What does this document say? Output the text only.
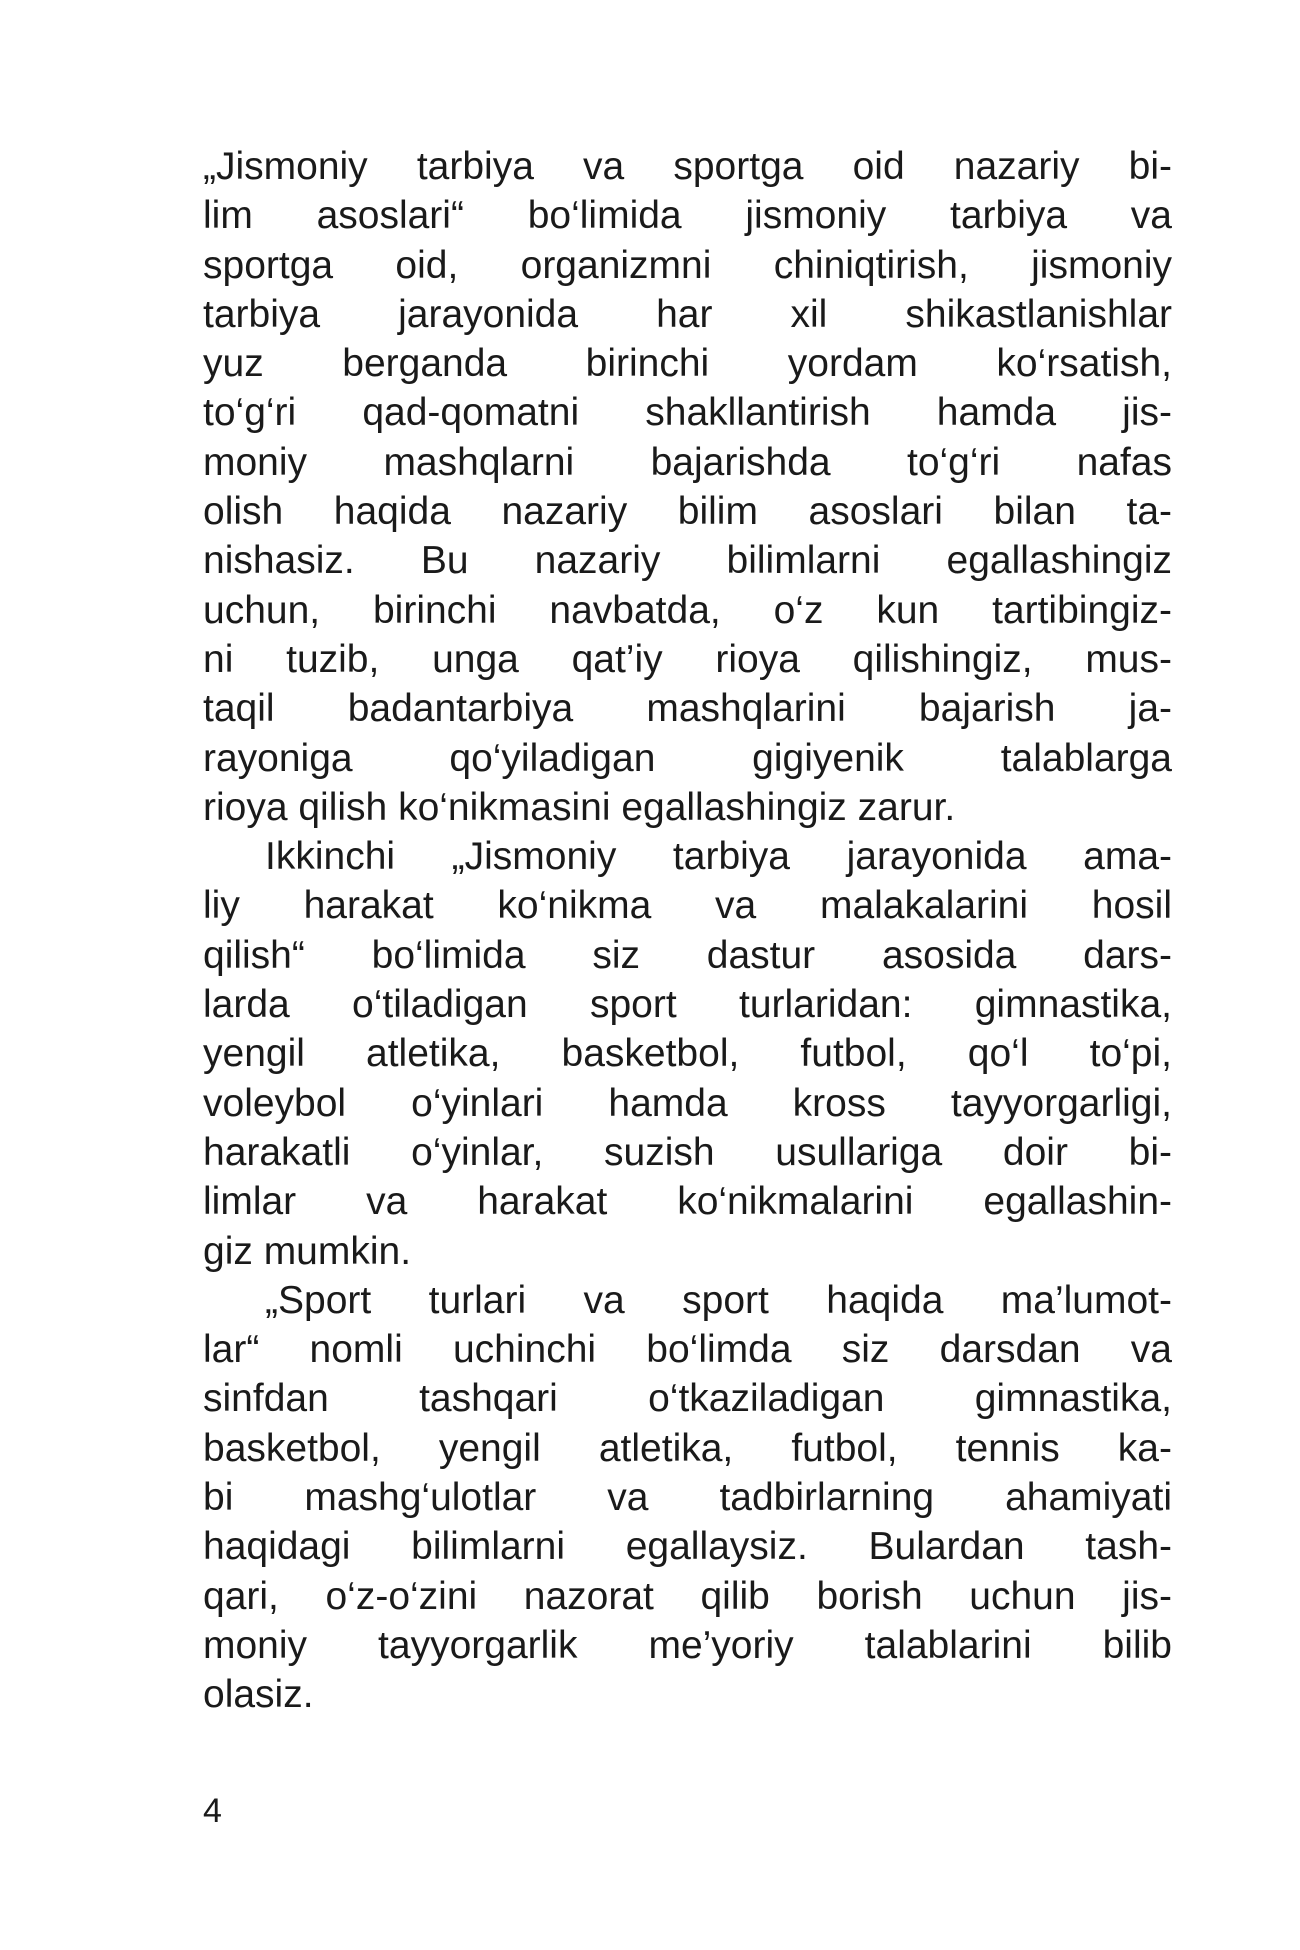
„Jismoniy tarbiya va sportga oid nazariy bi-
lim asoslari“ bo‘limida jismoniy tarbiya va
sportga oid, organizmni chiniqtirish, jismoniy
tarbiya jarayonida har xil shikastlanishlar
yuz berganda birinchi yordam ko‘rsatish,
to‘g‘ri qad-qomatni shakllantirish hamda jis-
moniy mashqlarni bajarishda to‘g‘ri nafas
olish haqida nazariy bilim asoslari bilan ta-
nishasiz. Bu nazariy bilimlarni egallashingiz
uchun, birinchi navbatda, o‘z kun tartibingiz-
ni tuzib, unga qat’iy rioya qilishingiz, mus-
taqil badantarbiya mashqlarini bajarish ja-
rayoniga qo‘yiladigan gigiyenik talablarga
rioya qilish ko‘nikmasini egallashingiz zarur.
Ikkinchi „Jismoniy tarbiya jarayonida ama-
liy harakat ko‘nikma va malakalarini hosil
qilish“ bo‘limida siz dastur asosida dars-
larda o‘tiladigan sport turlaridan: gimnastika,
yengil atletika, basketbol, futbol, qo‘l to‘pi,
voleybol o‘yinlari hamda kross tayyorgarligi,
harakatli o‘yinlar, suzish usullariga doir bi-
limlar va harakat ko‘nikmalarini egallashin-
giz mumkin.
„Sport turlari va sport haqida ma’lumot-
lar“ nomli uchinchi bo‘limda siz darsdan va
sinfdan tashqari o‘tkaziladigan gimnastika,
basketbol, yengil atletika, futbol, tennis ka-
bi mashg‘ulotlar va tadbirlarning ahamiyati
haqidagi bilimlarni egallaysiz. Bulardan tash-
qari, o‘z-o‘zini nazorat qilib borish uchun jis-
moniy tayyorgarlik me’yoriy talablarini bilib
olasiz.
4
